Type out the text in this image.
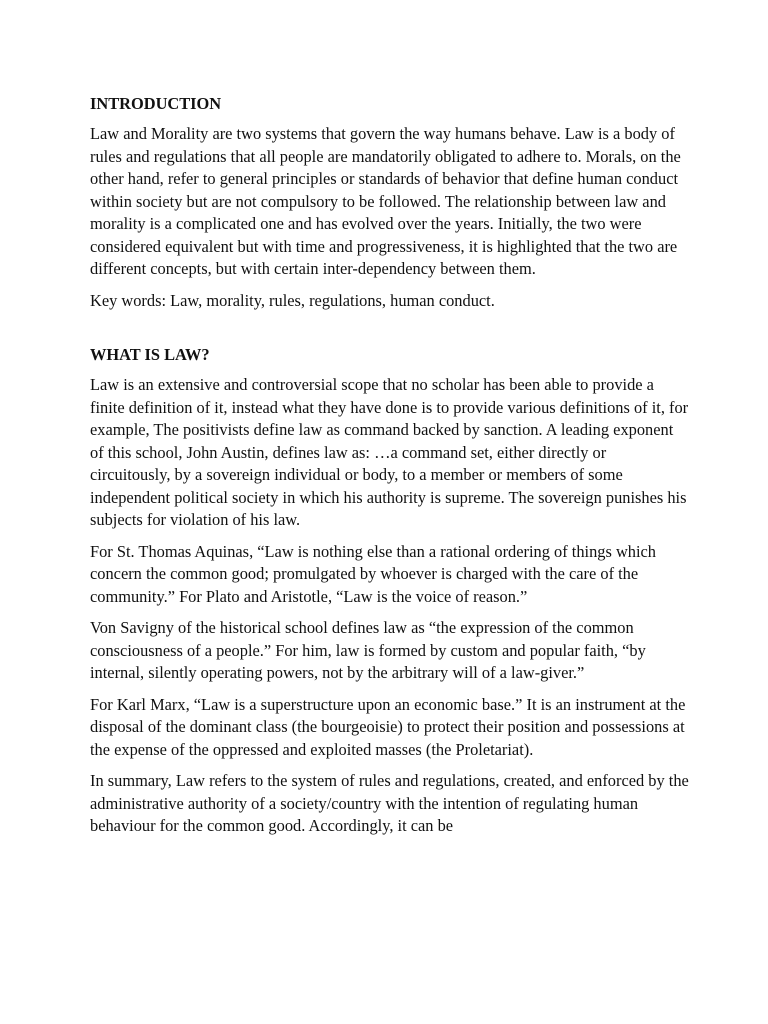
INTRODUCTION

Law and Morality are two systems that govern the way humans behave. Law is a body of rules and regulations that all people are mandatorily obligated to adhere to. Morals, on the other hand, refer to general principles or standards of behavior that define human conduct within society but are not compulsory to be followed. The relationship between law and morality is a complicated one and has evolved over the years. Initially, the two were considered equivalent but with time and progressiveness, it is highlighted that the two are different concepts, but with certain inter-dependency between them.

Key words: Law, morality, rules, regulations, human conduct.

WHAT IS LAW?

Law is an extensive and controversial scope that no scholar has been able to provide a finite definition of it, instead what they have done is to provide various definitions of it, for example, The positivists define law as command backed by sanction. A leading exponent of this school, John Austin, defines law as: …a command set, either directly or circuitously, by a sovereign individual or body, to a member or members of some independent political society in which his authority is supreme. The sovereign punishes his subjects for violation of his law.

For St. Thomas Aquinas, “Law is nothing else than a rational ordering of things which concern the common good; promulgated by whoever is charged with the care of the community.” For Plato and Aristotle, “Law is the voice of reason.”

Von Savigny of the historical school defines law as “the expression of the common consciousness of a people.” For him, law is formed by custom and popular faith, “by internal, silently operating powers, not by the arbitrary will of a law-giver.”

For Karl Marx, “Law is a superstructure upon an economic base.” It is an instrument at the disposal of the dominant class (the bourgeoisie) to protect their position and possessions at the expense of the oppressed and exploited masses (the Proletariat).

In summary, Law refers to the system of rules and regulations, created, and enforced by the administrative authority of a society/country with the intention of regulating human behaviour for the common good. Accordingly, it can be
